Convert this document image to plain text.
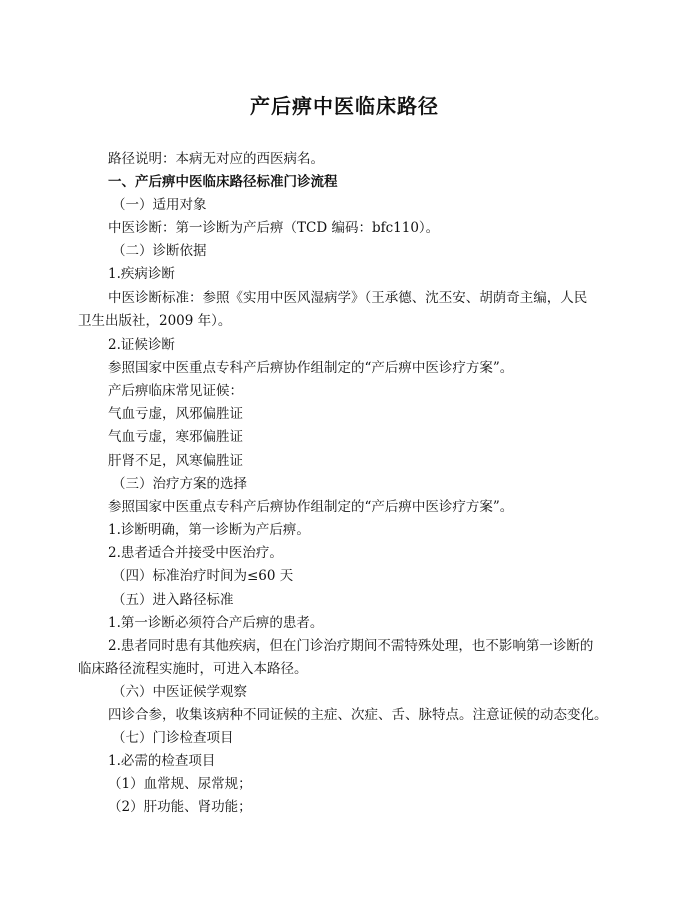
产后痹中医临床路径

路径说明：本病无对应的西医病名。

一、产后痹中医临床路径标准门诊流程

（一）适用对象

中医诊断：第一诊断为产后痹（TCD 编码：bfc110）。

（二）诊断依据

1.疾病诊断

中医诊断标准：参照《实用中医风湿病学》（王承德、沈丕安、胡荫奇主编，人民

卫生出版社，2009 年）。

2.证候诊断

参照国家中医重点专科产后痹协作组制定的“产后痹中医诊疗方案”。

产后痹临床常见证候：

气血亏虚，风邪偏胜证

气血亏虚，寒邪偏胜证

肝肾不足，风寒偏胜证

（三）治疗方案的选择

参照国家中医重点专科产后痹协作组制定的“产后痹中医诊疗方案”。

1.诊断明确，第一诊断为产后痹。

2.患者适合并接受中医治疗。

（四）标准治疗时间为≤60 天

（五）进入路径标准

1.第一诊断必须符合产后痹的患者。

2.患者同时患有其他疾病，但在门诊治疗期间不需特殊处理，也不影响第一诊断的

临床路径流程实施时，可进入本路径。

（六）中医证候学观察

四诊合参，收集该病种不同证候的主症、次症、舌、脉特点。注意证候的动态变化。

（七）门诊检查项目

1.必需的检查项目

（1）血常规、尿常规；

（2）肝功能、肾功能；
